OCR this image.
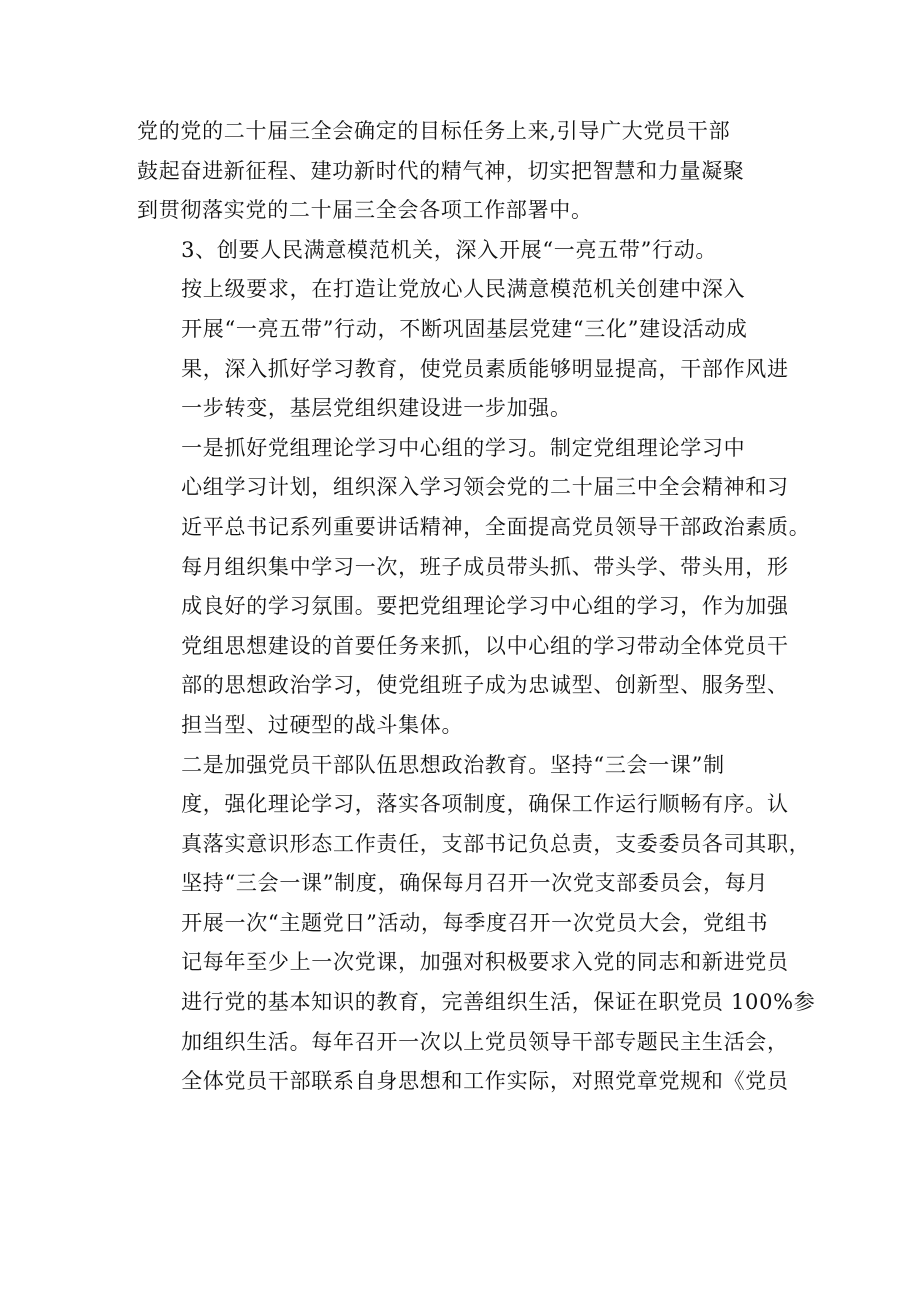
党的党的二十届三全会确定的目标任务上来,引导广大党员干部
鼓起奋进新征程、建功新时代的精气神，切实把智慧和力量凝聚
到贯彻落实党的二十届三全会各项工作部署中。

3、创要人民满意模范机关，深入开展“一亮五带”行动。

按上级要求，在打造让党放心人民满意模范机关创建中深入
开展“一亮五带”行动，不断巩固基层党建“三化”建设活动成
果，深入抓好学习教育，使党员素质能够明显提高，干部作风进
一步转变，基层党组织建设进一步加强。

一是抓好党组理论学习中心组的学习。制定党组理论学习中
心组学习计划，组织深入学习领会党的二十届三中全会精神和习
近平总书记系列重要讲话精神，全面提高党员领导干部政治素质。
每月组织集中学习一次，班子成员带头抓、带头学、带头用，形
成良好的学习氛围。要把党组理论学习中心组的学习，作为加强
党组思想建设的首要任务来抓，以中心组的学习带动全体党员干
部的思想政治学习，使党组班子成为忠诚型、创新型、服务型、
担当型、过硬型的战斗集体。

二是加强党员干部队伍思想政治教育。坚持“三会一课”制
度，强化理论学习，落实各项制度，确保工作运行顺畅有序。认
真落实意识形态工作责任，支部书记负总责，支委委员各司其职，
坚持“三会一课”制度，确保每月召开一次党支部委员会，每月
开展一次“主题党日”活动，每季度召开一次党员大会，党组书
记每年至少上一次党课，加强对积极要求入党的同志和新进党员
进行党的基本知识的教育，完善组织生活，保证在职党员 100%参
加组织生活。每年召开一次以上党员领导干部专题民主生活会，
全体党员干部联系自身思想和工作实际，对照党章党规和《党员
